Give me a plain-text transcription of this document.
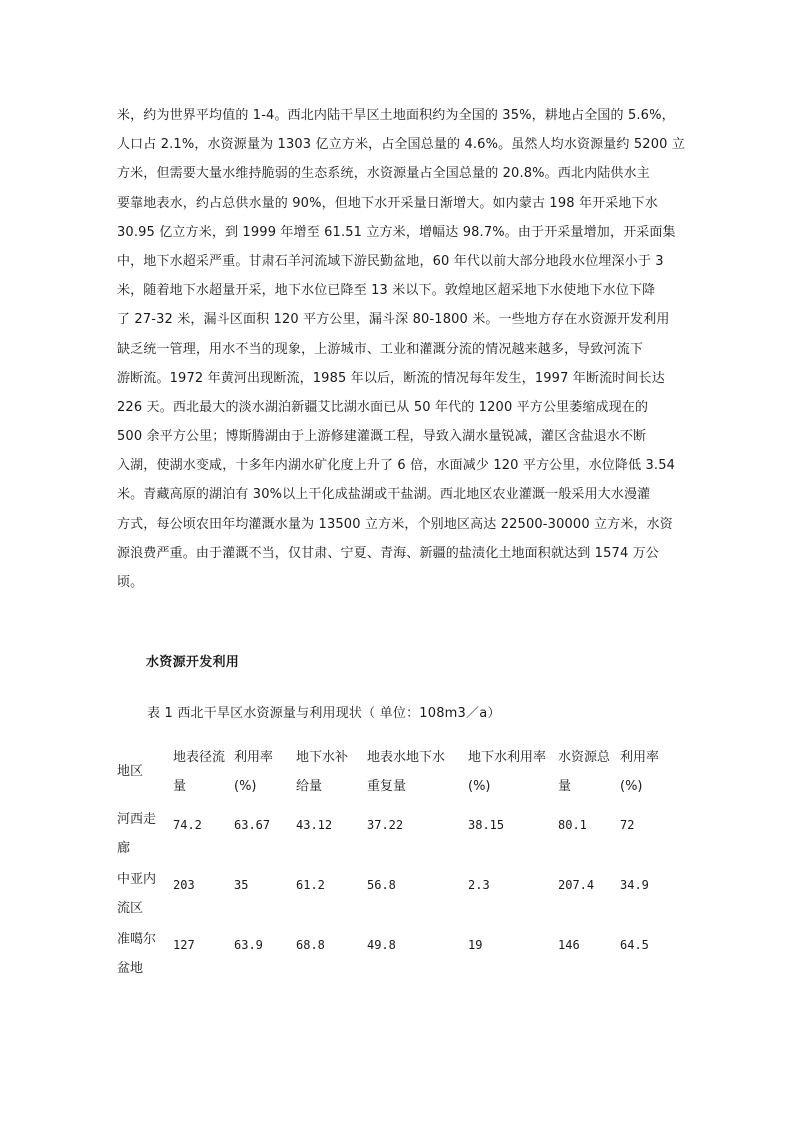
米，约为世界平均值的 1-4。西北内陆干旱区土地面积约为全国的 35%，耕地占全国的 5.6%，
人口占 2.1%，水资源量为 1303 亿立方米，占全国总量的 4.6%。虽然人均水资源量约 5200 立
方米，但需要大量水维持脆弱的生态系统，水资源量占全国总量的 20.8%。西北内陆供水主
要靠地表水，约占总供水量的 90%，但地下水开采量日渐增大。如内蒙古 198 年开采地下水
30.95 亿立方米，到 1999 年增至 61.51 立方米，增幅达 98.7%。由于开采量增加，开采面集
中，地下水超采严重。甘肃石羊河流域下游民勤盆地，60 年代以前大部分地段水位埋深小于 3
米，随着地下水超量开采，地下水位已降至 13 米以下。敦煌地区超采地下水使地下水位下降
了 27-32 米，漏斗区面积 120 平方公里，漏斗深 80-1800 米。一些地方存在水资源开发利用
缺乏统一管理，用水不当的现象，上游城市、工业和灌溉分流的情况越来越多，导致河流下
游断流。1972 年黄河出现断流，1985 年以后，断流的情况每年发生，1997 年断流时间长达
226 天。西北最大的淡水湖泊新疆艾比湖水面已从 50 年代的 1200 平方公里萎缩成现在的
500 余平方公里；博斯腾湖由于上游修建灌溉工程，导致入湖水量锐减，灌区含盐退水不断
入湖，使湖水变咸，十多年内湖水矿化度上升了 6 倍，水面减少 120 平方公里，水位降低 3.54
米。青藏高原的湖泊有 30%以上干化成盐湖或干盐湖。西北地区农业灌溉一般采用大水漫灌
方式，每公顷农田年均灌溉水量为 13500 立方米，个别地区高达 22500-30000 立方米，水资
源浪费严重。由于灌溉不当，仅甘肃、宁夏、青海、新疆的盐渍化土地面积就达到 1574 万公
顷。
水资源开发利用
表 1 西北干旱区水资源量与利用现状（ 单位：108m3／a）
地区	地表径流
量	利用率
(%)	地下水补
给量	地表水地下水
重复量	地下水利用率
(%)	水资源总
量	利用率
(%)

河西走
廊	74.2	63.67	43.12	37.22	38.15	80.1	72

中亚内
流区	203	35	61.2	56.8	2.3	207.4	34.9

准噶尔
盆地	127	63.9	68.8	49.8	19	146	64.5
